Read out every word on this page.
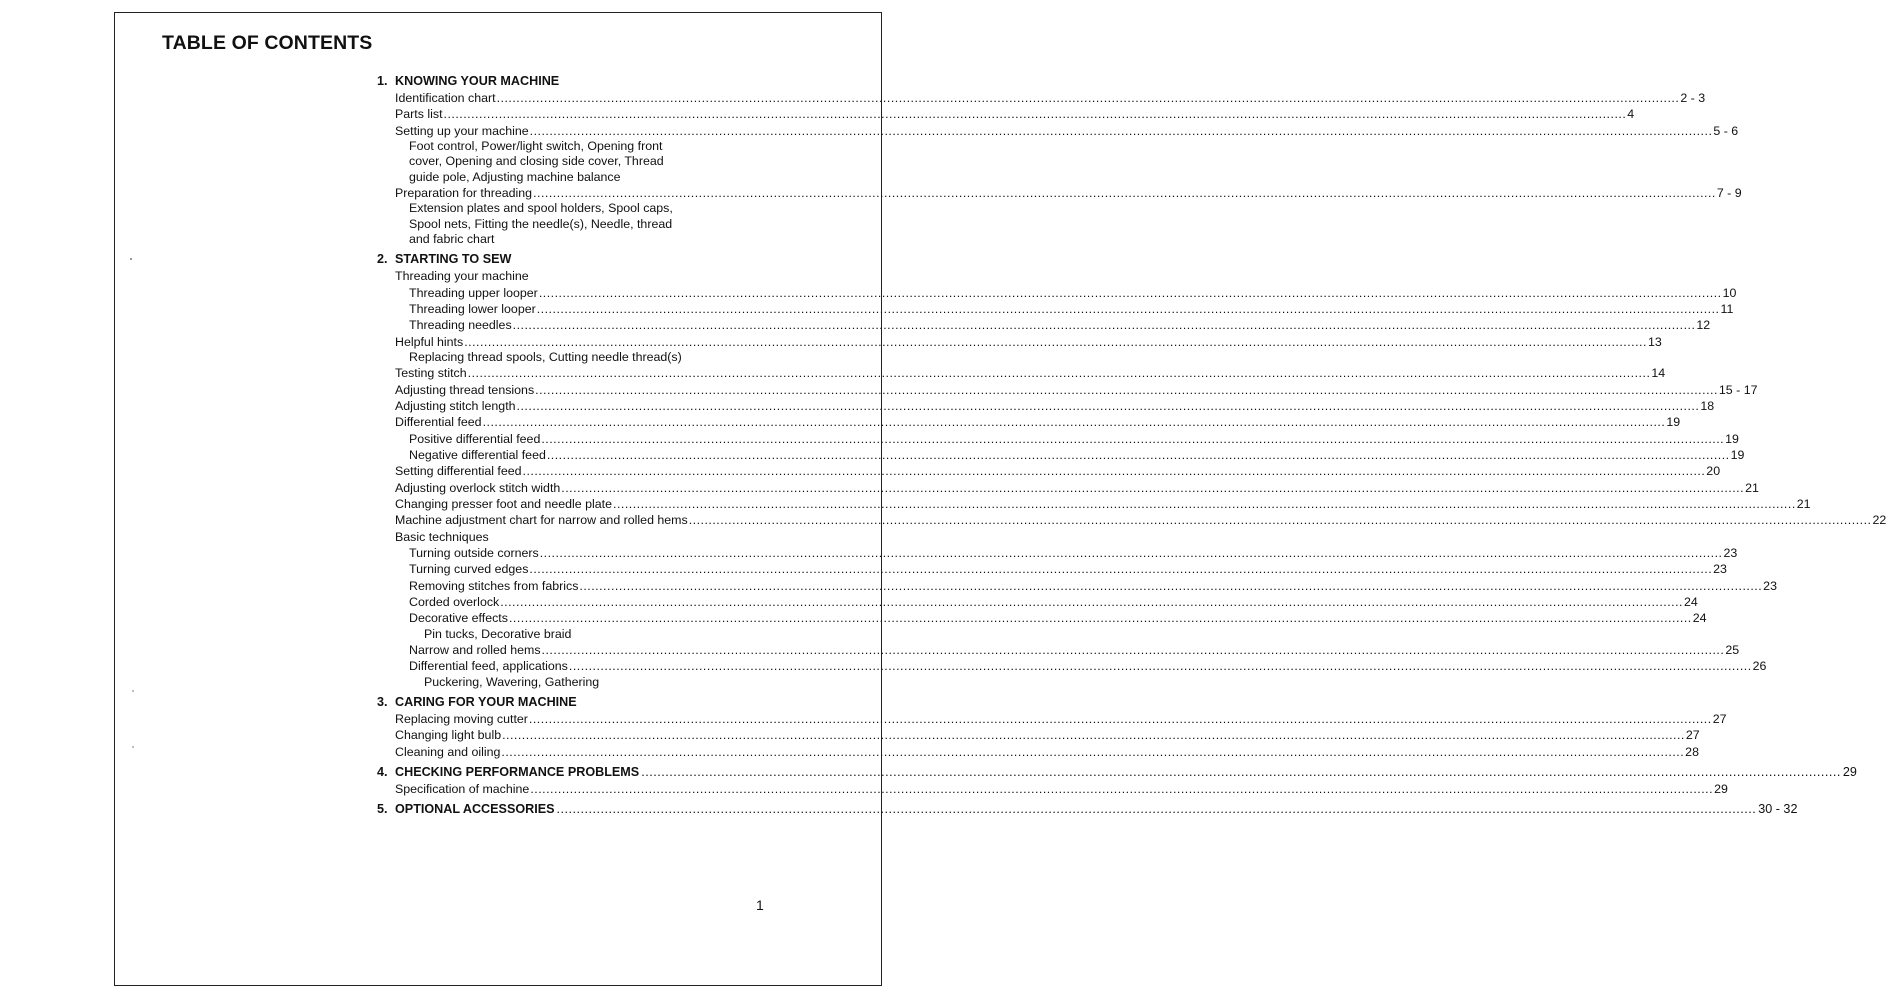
TABLE OF CONTENTS
1. KNOWING YOUR MACHINE
Identification chart ............................................................................................................................................................................................................................................................................................................ 2 - 3
Parts list ............................................................................................................................................................................................................................................................................................................ 4
Setting up your machine ............................................................................................................................................................................................................................................................................................................ 5 - 6
Foot control, Power/light switch, Opening front
cover, Opening and closing side cover, Thread
guide pole, Adjusting machine balance
Preparation for threading ............................................................................................................................................................................................................................................................................................................ 7 - 9
Extension plates and spool holders, Spool caps,
Spool nets, Fitting the needle(s), Needle, thread
and fabric chart
2. STARTING TO SEW
Threading your machine
Threading upper looper ............................................................................................................................................................................................................................................................................................................ 10
Threading lower looper ............................................................................................................................................................................................................................................................................................................ 11
Threading needles ............................................................................................................................................................................................................................................................................................................ 12
Helpful hints ............................................................................................................................................................................................................................................................................................................ 13
Replacing thread spools, Cutting needle thread(s)
Testing stitch ............................................................................................................................................................................................................................................................................................................ 14
Adjusting thread tensions ............................................................................................................................................................................................................................................................................................................ 15 - 17
Adjusting stitch length ............................................................................................................................................................................................................................................................................................................ 18
Differential feed ............................................................................................................................................................................................................................................................................................................ 19
Positive differential feed ............................................................................................................................................................................................................................................................................................................ 19
Negative differential feed ............................................................................................................................................................................................................................................................................................................ 19
Setting differential feed ............................................................................................................................................................................................................................................................................................................ 20
Adjusting overlock stitch width ............................................................................................................................................................................................................................................................................................................ 21
Changing presser foot and needle plate ............................................................................................................................................................................................................................................................................................................ 21
Machine adjustment chart for narrow and rolled hems ............................................................................................................................................................................................................................................................................................................ 22
Basic techniques
Turning outside corners ............................................................................................................................................................................................................................................................................................................ 23
Turning curved edges ............................................................................................................................................................................................................................................................................................................ 23
Removing stitches from fabrics ............................................................................................................................................................................................................................................................................................................ 23
Corded overlock ............................................................................................................................................................................................................................................................................................................ 24
Decorative effects ............................................................................................................................................................................................................................................................................................................ 24
Pin tucks, Decorative braid
Narrow and rolled hems ............................................................................................................................................................................................................................................................................................................ 25
Differential feed, applications ............................................................................................................................................................................................................................................................................................................ 26
Puckering, Wavering, Gathering
3. CARING FOR YOUR MACHINE
Replacing moving cutter ............................................................................................................................................................................................................................................................................................................ 27
Changing light bulb ............................................................................................................................................................................................................................................................................................................ 27
Cleaning and oiling ............................................................................................................................................................................................................................................................................................................ 28
4. CHECKING PERFORMANCE PROBLEMS ............................................................................................................................................................................................................................................................................................................ 29
Specification of machine ............................................................................................................................................................................................................................................................................................................ 29
5. OPTIONAL ACCESSORIES ............................................................................................................................................................................................................................................................................................................ 30 - 32
1
